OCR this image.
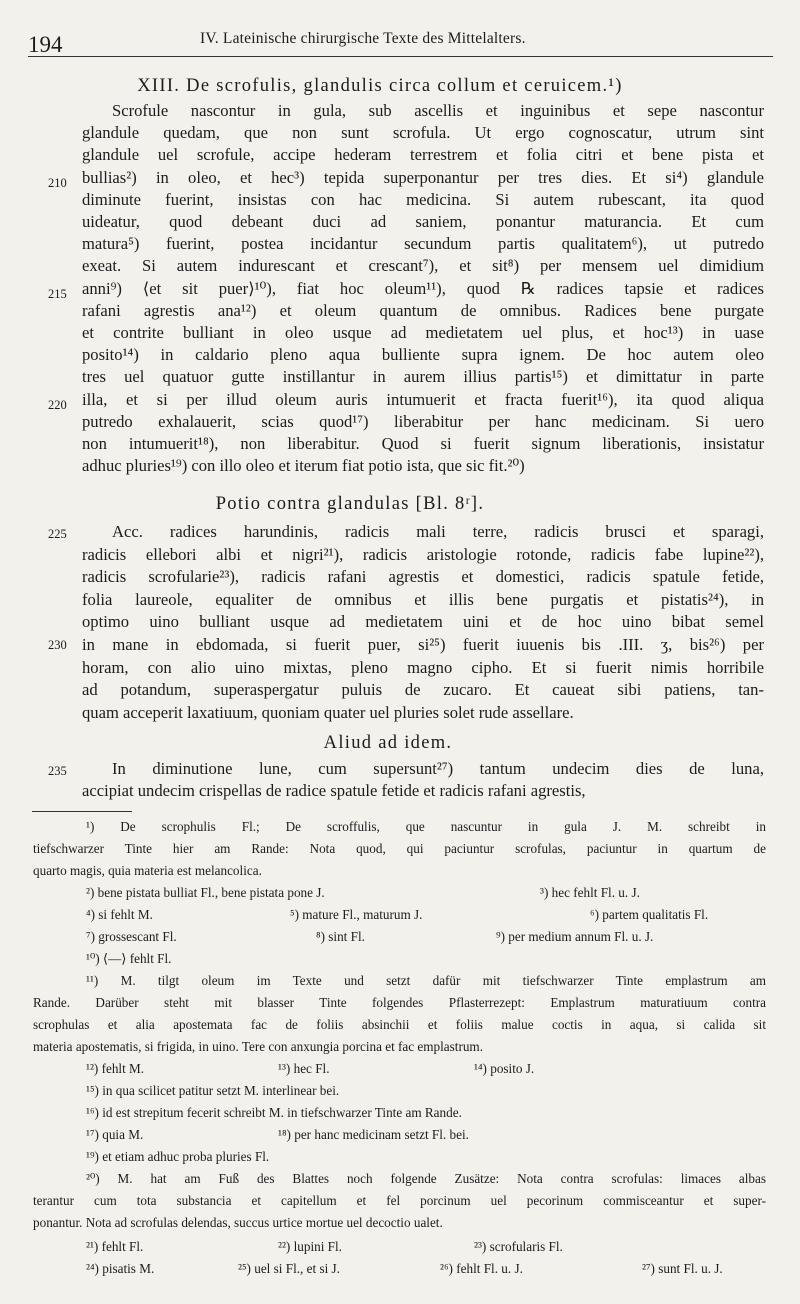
194	IV. Lateinische chirurgische Texte des Mittelalters.
XIII. De scrofulis, glandulis circa collum et ceruicem.¹)
Scrofule nascontur in gula, sub ascellis et inguinibus et sepe nascontur
glandule quedam, que non sunt scrofula. Ut ergo cognoscatur, utrum sint
glandule uel scrofule, accipe hederam terrestrem et folia citri et bene pista et
bullias²) in oleo, et hec³) tepida superponantur per tres dies. Et si⁴) glandule
diminute fuerint, insistas con hac medicina. Si autem rubescant, ita quod
uideatur, quod debeant duci ad saniem, ponantur maturancia. Et cum
matura⁵) fuerint, postea incidantur secundum partis qualitatem⁶), ut putredo
exeat. Si autem indurescant et crescant⁷), et sit⁸) per mensem uel dimidium
anni⁹) ⟨et sit puer⟩¹⁰), fiat hoc oleum¹¹), quod ℞ radices tapsie et radices
rafani agrestis ana¹²) et oleum quantum de omnibus. Radices bene purgate
et contrite bulliant in oleo usque ad medietatem uel plus, et hoc¹³) in uase
posito¹⁴) in caldario pleno aqua bulliente supra ignem. De hoc autem oleo
tres uel quatuor gutte instillantur in aurem illius partis¹⁵) et dimittatur in parte
illa, et si per illud oleum auris intumuerit et fracta fuerit¹⁶), ita quod aliqua
putredo exhalauerit, scias quod¹⁷) liberabitur per hanc medicinam. Si uero
non intumuerit¹⁸), non liberabitur. Quod si fuerit signum liberationis, insistatur
adhuc pluries¹⁹) con illo oleo et iterum fiat potio ista, que sic fit.²⁰)
Acc. radices harundinis, radicis mali terre, radicis brusci et sparagi,
radicis ellebori albi et nigri²¹), radicis aristologie rotonde, radicis fabe lupine²²),
radicis scrofularie²³), radicis rafani agrestis et domestici, radicis spatule fetide,
folia laureole, equaliter de omnibus et illis bene purgatis et pistatis²⁴), in
optimo uino bulliant usque ad medietatem uini et de hoc uino bibat semel
in mane in ebdomada, si fuerit puer, si²⁵) fuerit iuuenis bis .III. ʒ, bis²⁶) per
horam, con alio uino mixtas, pleno magno cipho. Et si fuerit nimis horribile
ad potandum, superaspergatur puluis de zucaro. Et caueat sibi patiens, tan-
quam acceperit laxatiuum, quoniam quater uel pluries solet rude assellare.
In diminutione lune, cum supersunt²⁷) tantum undecim dies de luna,
accipiat undecim crispellas de radice spatule fetide et radicis rafani agrestis,
Potio contra glandulas [Bl. 8ʳ].
Aliud ad idem.
210
215
220
225
230
235
¹) De scrophulis Fl.; De scroffulis, que nascuntur in gula J. M. schreibt in
tiefschwarzer Tinte hier am Rande: Nota quod, qui paciuntur scrofulas, paciuntur in quartum de
quarto magis, quia materia est melancolica.
²) bene pistata bulliat Fl., bene pistata pone J.	³) hec fehlt Fl. u. J.
⁴) si fehlt M.	⁵) mature Fl., maturum J.	⁶) partem qualitatis Fl.
⁷) grossescant Fl.	⁸) sint Fl.	⁹) per medium annum Fl. u. J.
¹⁰) ⟨—⟩ fehlt Fl.
¹¹) M. tilgt oleum im Texte und setzt dafür mit tiefschwarzer Tinte emplastrum am
Rande. Darüber steht mit blasser Tinte folgendes Pflasterrezept: Emplastrum maturatiuum contra
scrophulas et alia apostemata fac de foliis absinchii et foliis malue coctis in aqua, si calida sit
materia apostematis, si frigida, in uino. Tere con anxungia porcina et fac emplastrum.
¹²) fehlt M.	¹³) hec Fl.	¹⁴) posito J.
¹⁵) in qua scilicet patitur setzt M. interlinear bei.
¹⁶) id est strepitum fecerit schreibt M. in tiefschwarzer Tinte am Rande.
¹⁷) quia M.	¹⁸) per hanc medicinam setzt Fl. bei.
¹⁹) et etiam adhuc proba pluries Fl.
²⁰) M. hat am Fuß des Blattes noch folgende Zusätze: Nota contra scrofulas: limaces albas
terantur cum tota substancia et capitellum et fel porcinum uel pecorinum commisceantur et super-
ponantur. Nota ad scrofulas delendas, succus urtice mortue uel decoctio ualet.
²¹) fehlt Fl.	²²) lupini Fl.	²³) scrofularis Fl.
²⁴) pisatis M.	²⁵) uel si Fl., et si J.	²⁶) fehlt Fl. u. J.	²⁷) sunt Fl. u. J.
